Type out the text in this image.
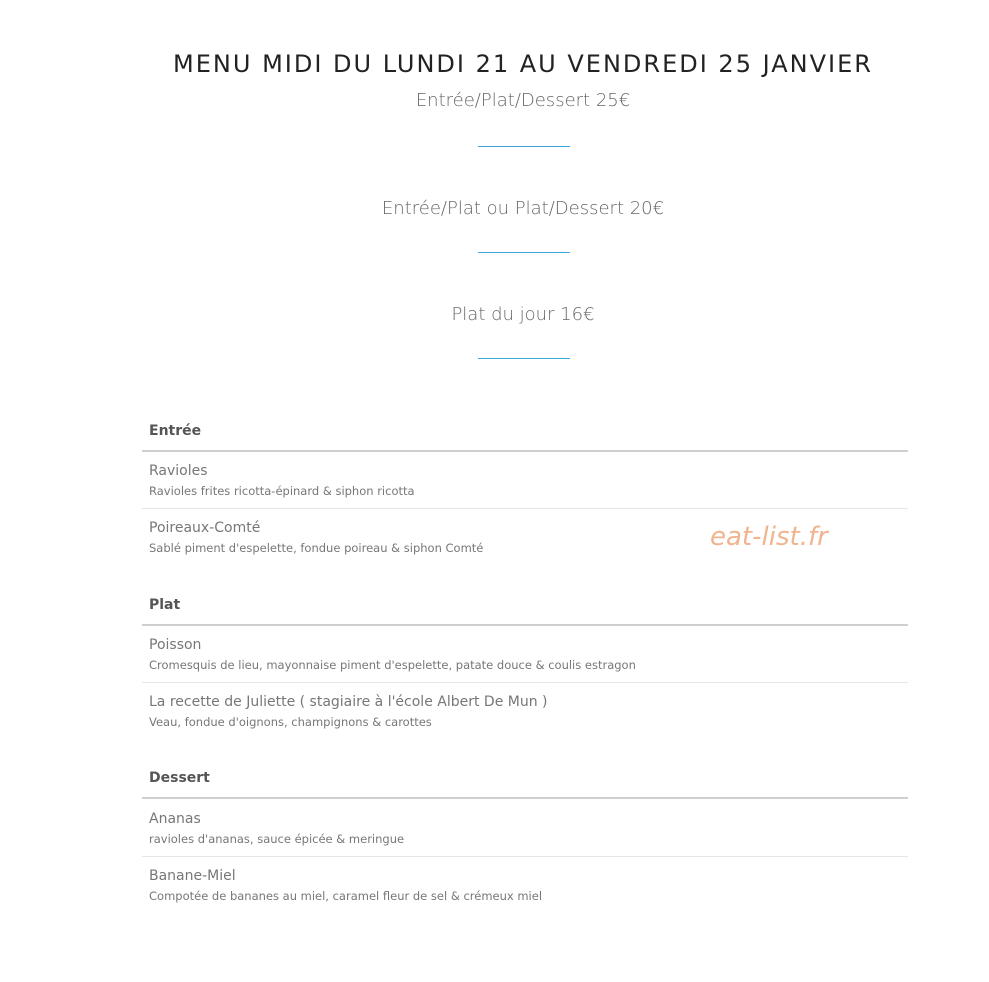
MENU MIDI DU LUNDI 21 AU VENDREDI 25 JANVIER
Entrée/Plat/Dessert 25€
Entrée/Plat ou Plat/Dessert 20€
Plat du jour 16€
Entrée
Ravioles
Ravioles frites ricotta-épinard & siphon ricotta
Poireaux-Comté
Sablé piment d'espelette, fondue poireau & siphon Comté
Plat
Poisson
Cromesquis de lieu, mayonnaise piment d'espelette, patate douce & coulis estragon
La recette de Juliette ( stagiaire à l'école Albert De Mun )
Veau, fondue d'oignons, champignons & carottes
Dessert
Ananas
ravioles d'ananas, sauce épicée & meringue
Banane-Miel
Compotée de bananes au miel, caramel fleur de sel & crémeux miel
eat-list.fr
